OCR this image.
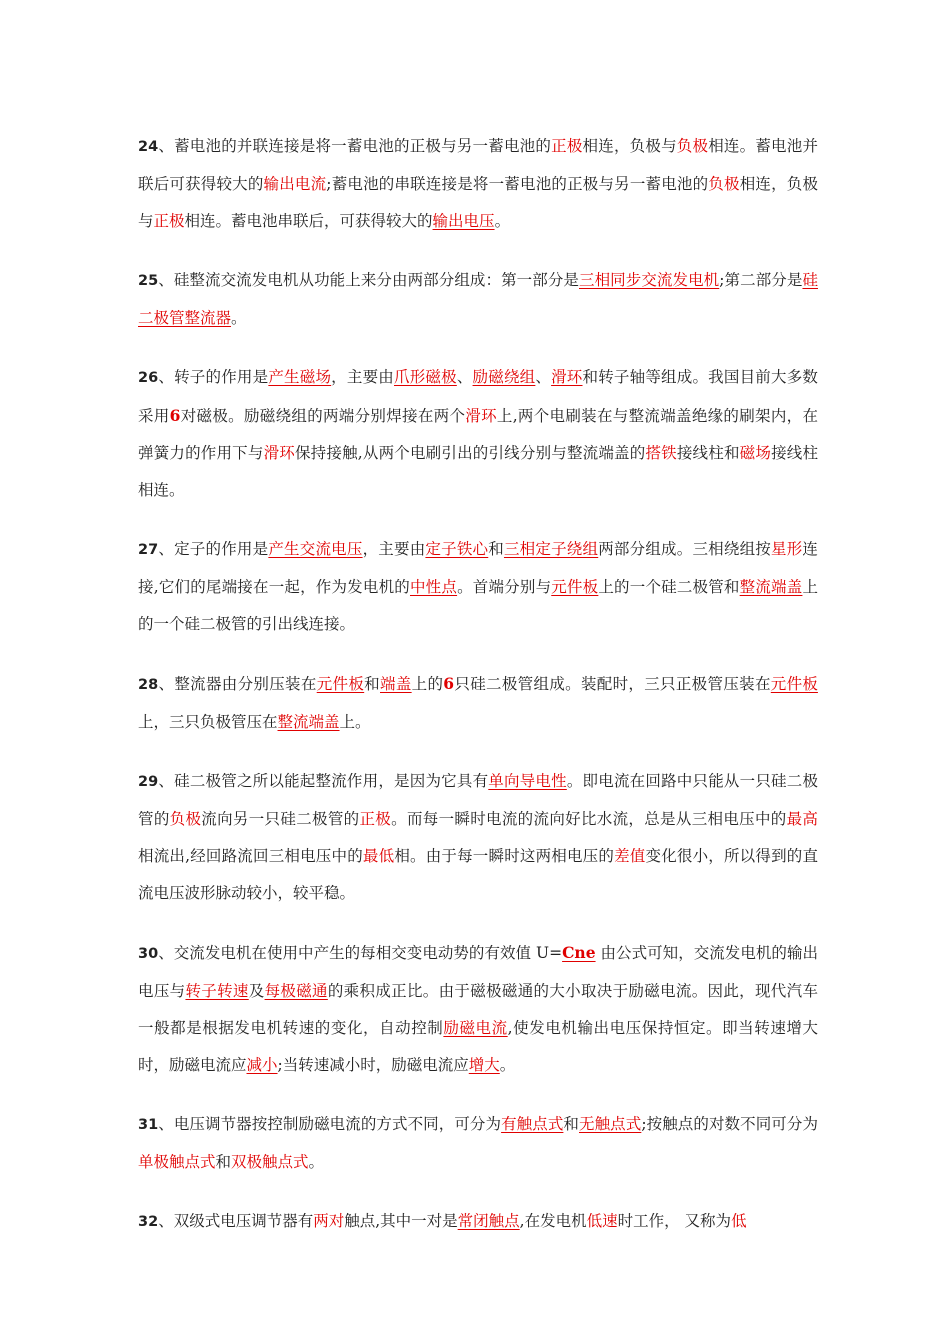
24、蓄电池的并联连接是将一蓄电池的正极与另一蓄电池的正极相连，负极与负极相连。蓄电池并联后可获得较大的输出电流;蓄电池的串联连接是将一蓄电池的正极与另一蓄电池的负极相连，负极与正极相连。蓄电池串联后，可获得较大的输出电压。

25、硅整流交流发电机从功能上来分由两部分组成：第一部分是三相同步交流发电机;第二部分是硅二极管整流器。

26、转子的作用是产生磁场，主要由爪形磁极、励磁绕组、滑环和转子轴等组成。我国目前大多数采用6对磁极。励磁绕组的两端分别焊接在两个滑环上,两个电刷装在与整流端盖绝缘的刷架内，在弹簧力的作用下与滑环保持接触,从两个电刷引出的引线分别与整流端盖的搭铁接线柱和磁场接线柱相连。

27、定子的作用是产生交流电压，主要由定子铁心和三相定子绕组两部分组成。三相绕组按星形连接,它们的尾端接在一起，作为发电机的中性点。首端分别与元件板上的一个硅二极管和整流端盖上的一个硅二极管的引出线连接。

28、整流器由分别压装在元件板和端盖上的6只硅二极管组成。装配时，三只正极管压装在元件板上，三只负极管压在整流端盖上。

29、硅二极管之所以能起整流作用，是因为它具有单向导电性。即电流在回路中只能从一只硅二极管的负极流向另一只硅二极管的正极。而每一瞬时电流的流向好比水流，总是从三相电压中的最高相流出,经回路流回三相电压中的最低相。由于每一瞬时这两相电压的差值变化很小，所以得到的直流电压波形脉动较小，较平稳。

30、交流发电机在使用中产生的每相交变电动势的有效值 U=Cne 由公式可知，交流发电机的输出电压与转子转速及每极磁通的乘积成正比。由于磁极磁通的大小取决于励磁电流。因此，现代汽车一般都是根据发电机转速的变化，自动控制励磁电流,使发电机输出电压保持恒定。即当转速增大时，励磁电流应减小;当转速减小时，励磁电流应增大。

31、电压调节器按控制励磁电流的方式不同，可分为有触点式和无触点式;按触点的对数不同可分为单极触点式和双极触点式。

32、双级式电压调节器有两对触点,其中一对是常闭触点,在发电机低速时工作， 又称为低
